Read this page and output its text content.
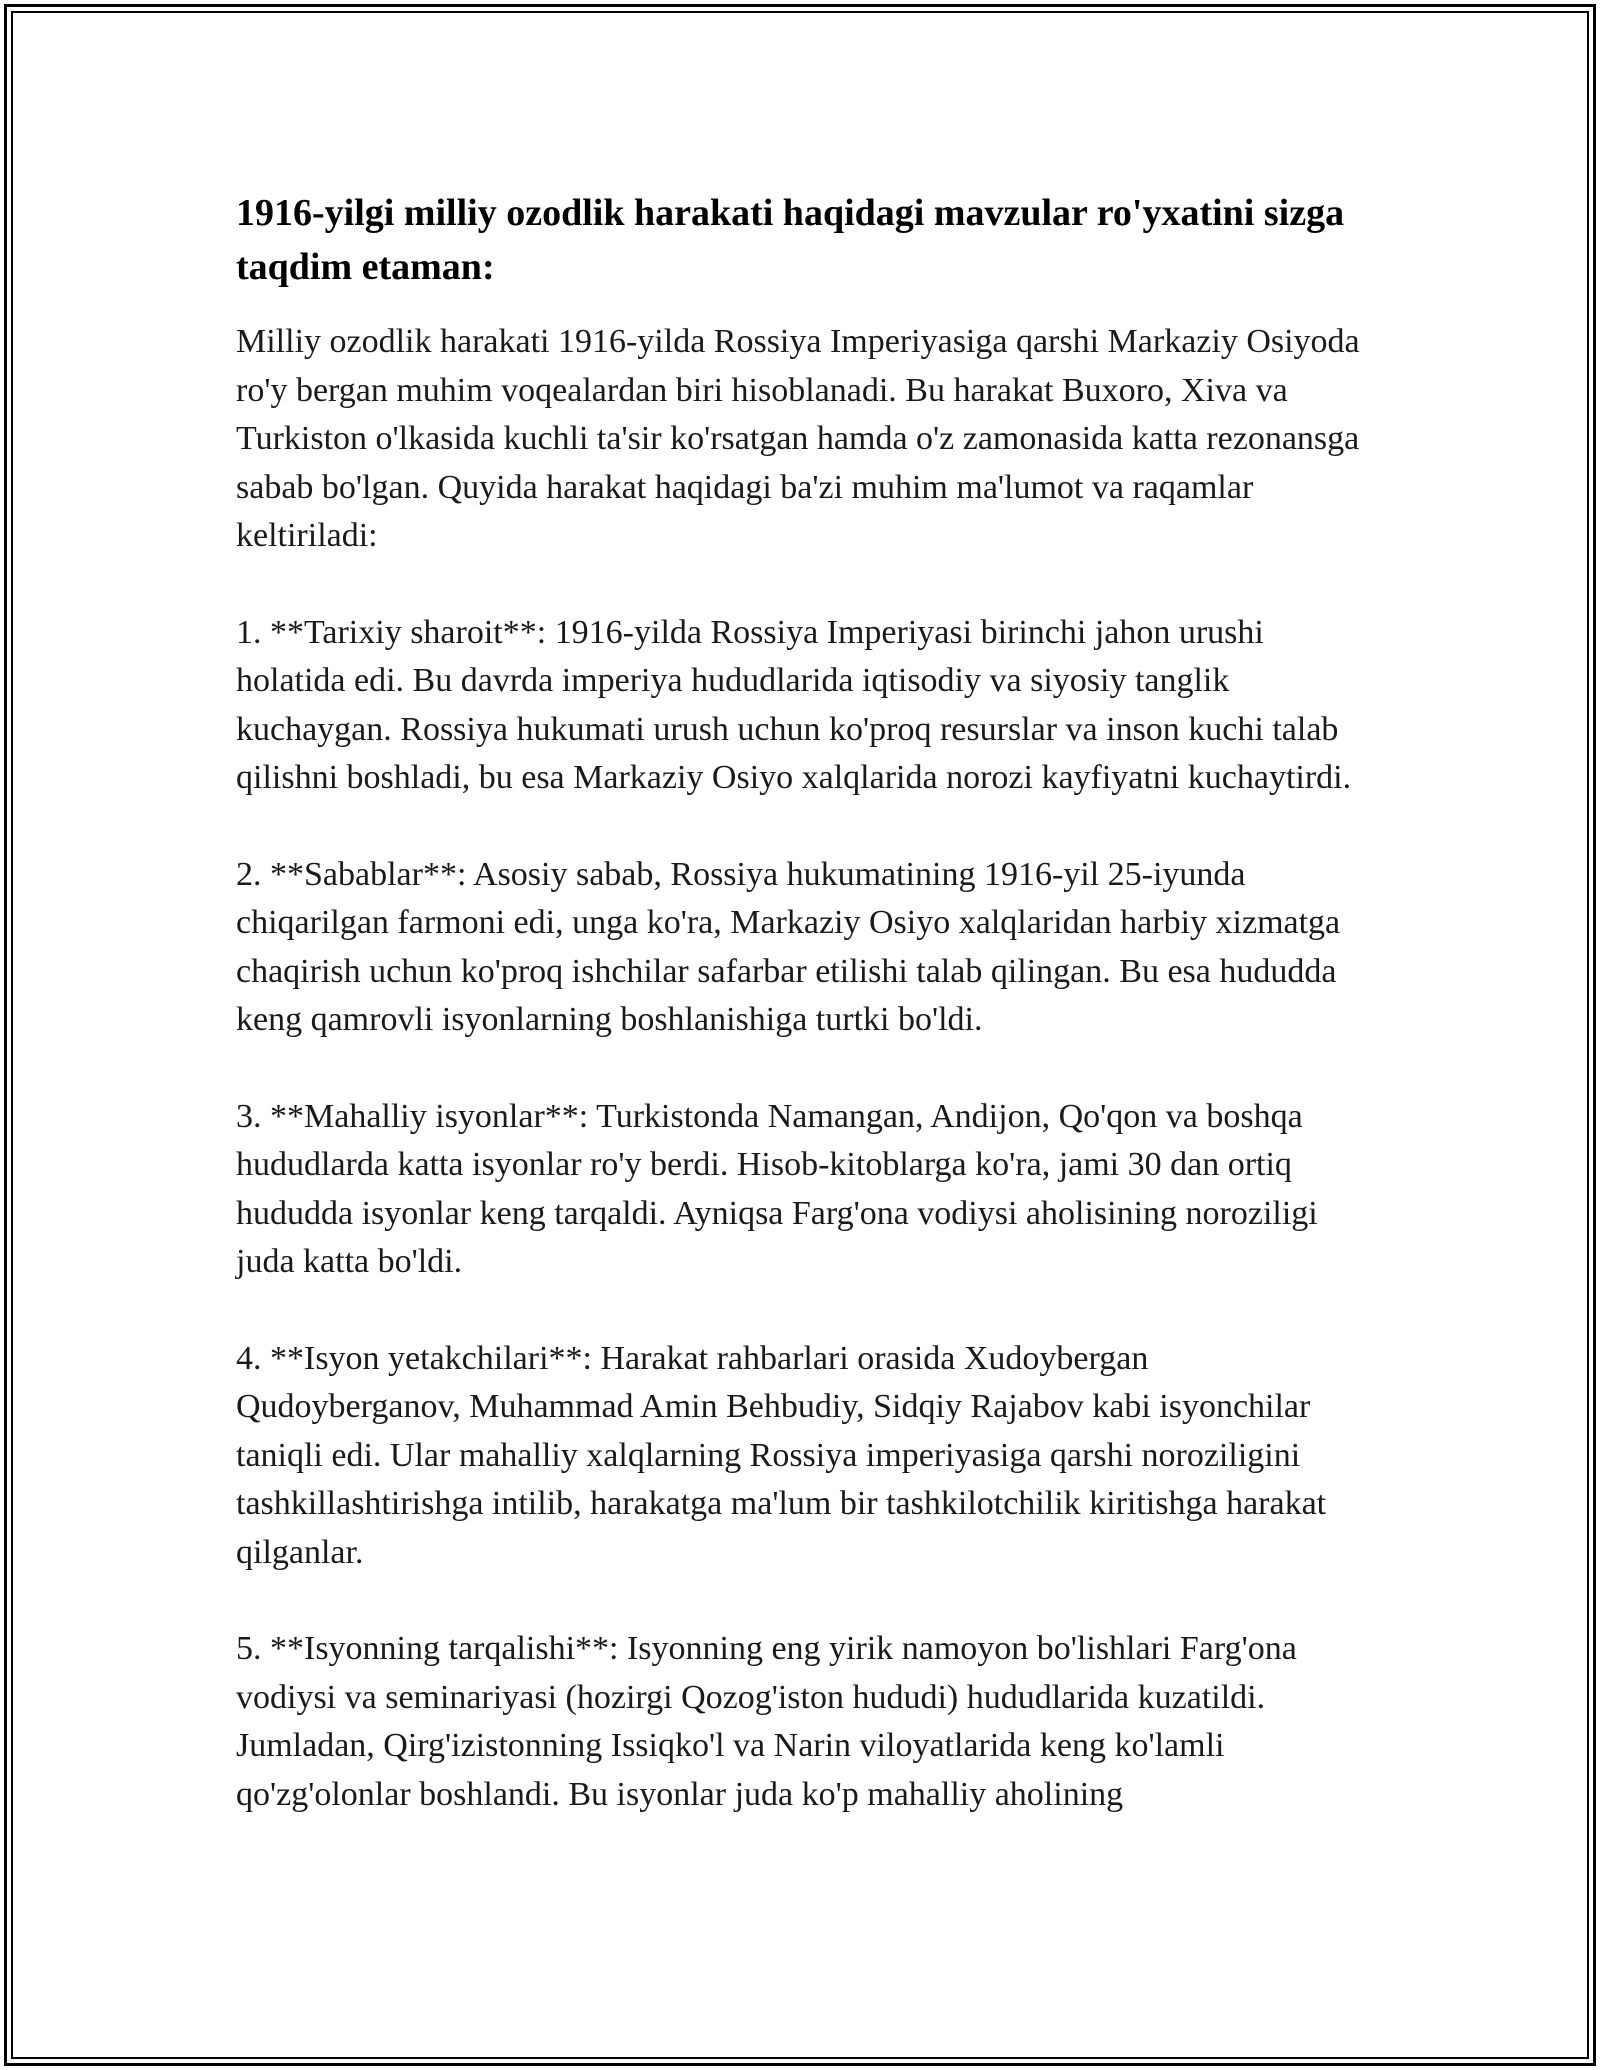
1916-yilgi milliy ozodlik harakati haqidagi mavzular ro'yxatini sizga taqdim etaman:

Milliy ozodlik harakati 1916-yilda Rossiya Imperiyasiga qarshi Markaziy Osiyoda ro'y bergan muhim voqealardan biri hisoblanadi. Bu harakat Buxoro, Xiva va Turkiston o'lkasida kuchli ta'sir ko'rsatgan hamda o'z zamonasida katta rezonansga sabab bo'lgan. Quyida harakat haqidagi ba'zi muhim ma'lumot va raqamlar keltiriladi:

1. **Tarixiy sharoit**: 1916-yilda Rossiya Imperiyasi birinchi jahon urushi holatida edi. Bu davrda imperiya hududlarida iqtisodiy va siyosiy tanglik kuchaygan. Rossiya hukumati urush uchun ko'proq resurslar va inson kuchi talab qilishni boshladi, bu esa Markaziy Osiyo xalqlarida norozi kayfiyatni kuchaytirdi.

2. **Sabablar**: Asosiy sabab, Rossiya hukumatining 1916-yil 25-iyunda chiqarilgan farmoni edi, unga ko'ra, Markaziy Osiyo xalqlaridan harbiy xizmatga chaqirish uchun ko'proq ishchilar safarbar etilishi talab qilingan. Bu esa hududda keng qamrovli isyonlarning boshlanishiga turtki bo'ldi.

3. **Mahalliy isyonlar**: Turkistonda Namangan, Andijon, Qo'qon va boshqa hududlarda katta isyonlar ro'y berdi. Hisob-kitoblarga ko'ra, jami 30 dan ortiq hududda isyonlar keng tarqaldi. Ayniqsa Farg'ona vodiysi aholisining noroziligi juda katta bo'ldi.

4. **Isyon yetakchilari**: Harakat rahbarlari orasida Xudoybergan Qudoyberganov, Muhammad Amin Behbudiy, Sidqiy Rajabov kabi isyonchilar taniqli edi. Ular mahalliy xalqlarning Rossiya imperiyasiga qarshi noroziligini tashkillashtirishga intilib, harakatga ma'lum bir tashkilotchilik kiritishga harakat qilganlar.

5. **Isyonning tarqalishi**: Isyonning eng yirik namoyon bo'lishlari Farg'ona vodiysi va seminariyasi (hozirgi Qozog'iston hududi) hududlarida kuzatildi. Jumladan, Qirg'izistonning Issiqko'l va Narin viloyatlarida keng ko'lamli qo'zg'olonlar boshlandi. Bu isyonlar juda ko'p mahalliy aholining
